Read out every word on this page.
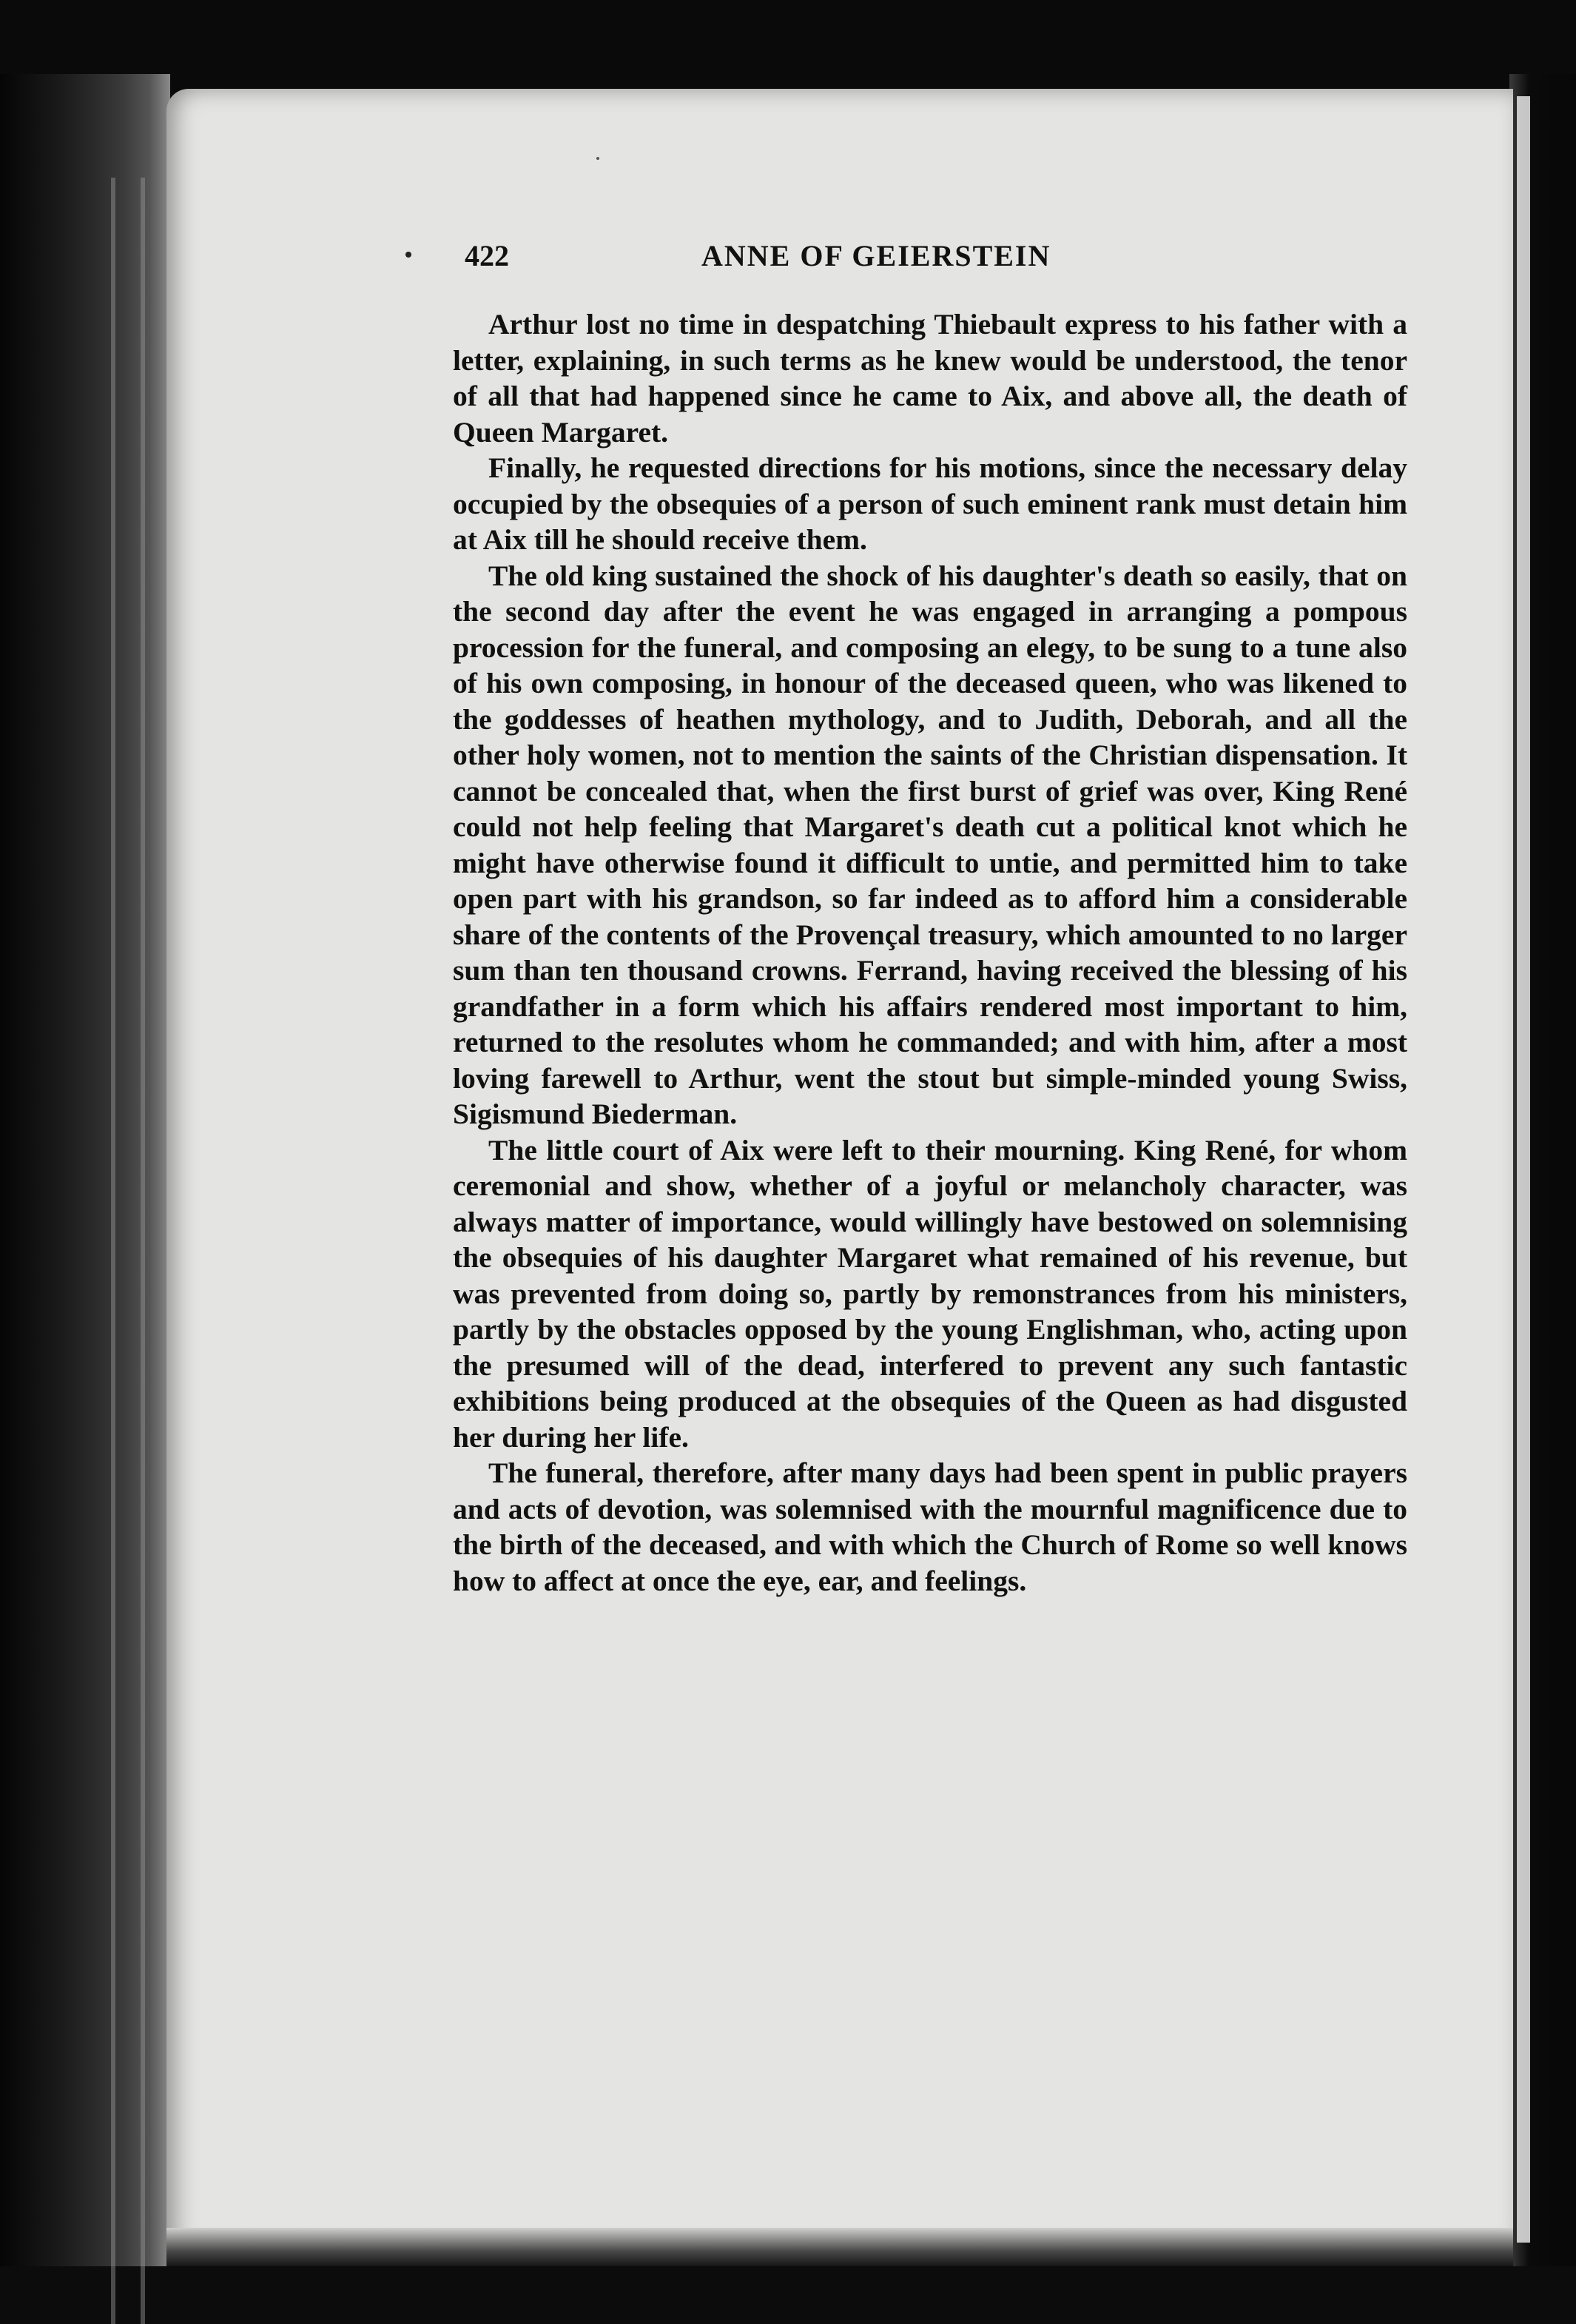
422	ANNE OF GEIERSTEIN

Arthur lost no time in despatching Thiebault express to his father with a letter, explaining, in such terms as he knew would be understood, the tenor of all that had happened since he came to Aix, and above all, the death of Queen Margaret.

Finally, he requested directions for his motions, since the necessary delay occupied by the obsequies of a person of such eminent rank must detain him at Aix till he should receive them.

The old king sustained the shock of his daughter's death so easily, that on the second day after the event he was engaged in arranging a pompous procession for the funeral, and composing an elegy, to be sung to a tune also of his own composing, in honour of the deceased queen, who was likened to the goddesses of heathen mythology, and to Judith, Deborah, and all the other holy women, not to mention the saints of the Christian dispensation. It cannot be concealed that, when the first burst of grief was over, King René could not help feeling that Margaret's death cut a political knot which he might have otherwise found it difficult to untie, and permitted him to take open part with his grandson, so far indeed as to afford him a considerable share of the contents of the Provençal treasury, which amounted to no larger sum than ten thousand crowns. Ferrand, having received the blessing of his grandfather in a form which his affairs rendered most important to him, returned to the resolutes whom he commanded; and with him, after a most loving farewell to Arthur, went the stout but simple-minded young Swiss, Sigismund Biederman.

The little court of Aix were left to their mourning. King René, for whom ceremonial and show, whether of a joyful or melancholy character, was always matter of importance, would willingly have bestowed on solemnising the obsequies of his daughter Margaret what remained of his revenue, but was prevented from doing so, partly by remonstrances from his ministers, partly by the obstacles opposed by the young Englishman, who, acting upon the presumed will of the dead, interfered to prevent any such fantastic exhibitions being produced at the obsequies of the Queen as had disgusted her during her life.

The funeral, therefore, after many days had been spent in public prayers and acts of devotion, was solemnised with the mournful magnificence due to the birth of the deceased, and with which the Church of Rome so well knows how to affect at once the eye, ear, and feelings.
